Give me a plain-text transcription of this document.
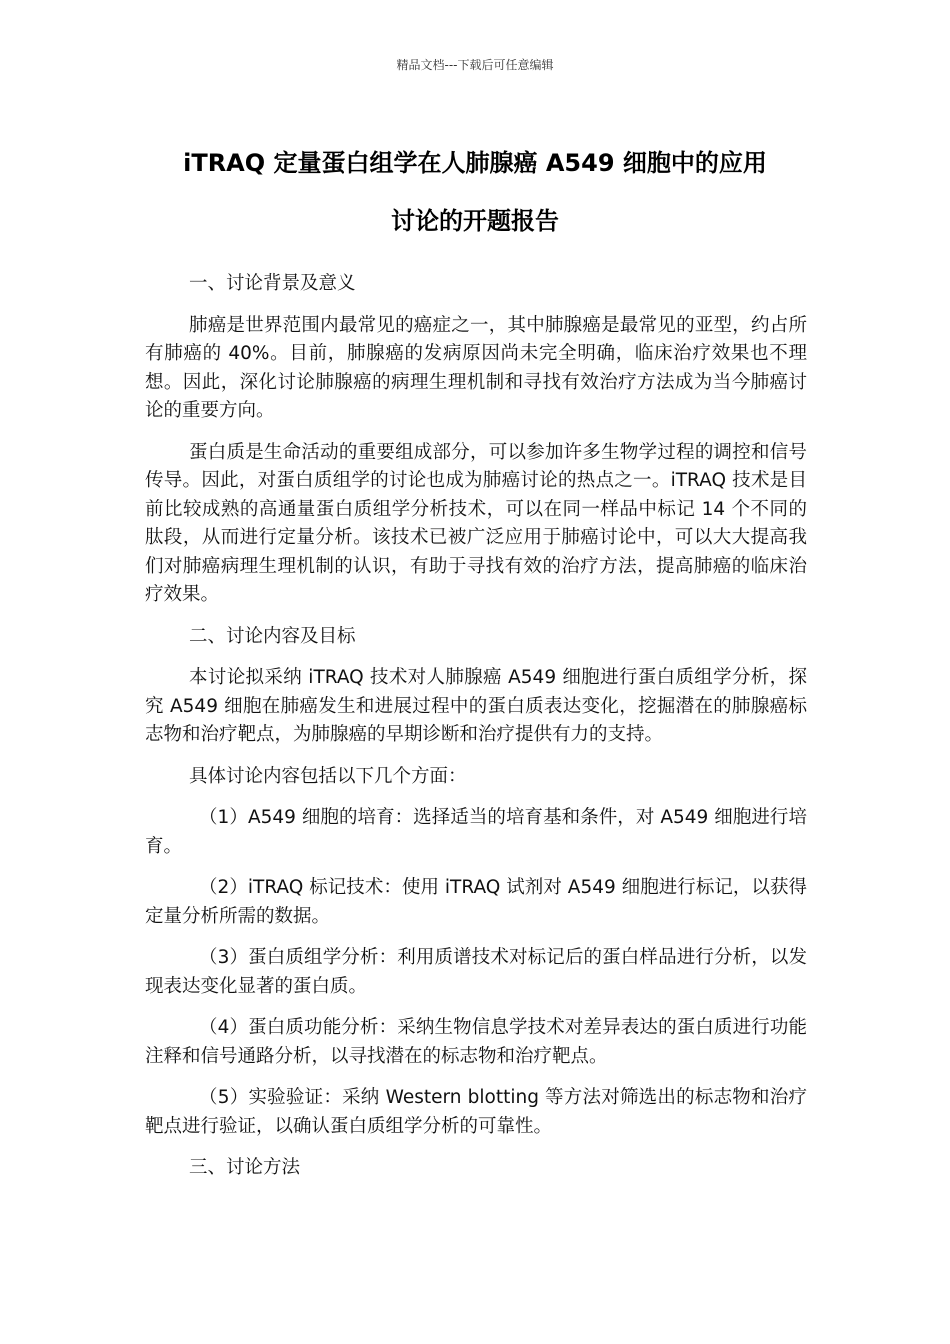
精品文档---下载后可任意编辑
iTRAQ 定量蛋白组学在人肺腺癌 A549 细胞中的应用
讨论的开题报告

一、讨论背景及意义

肺癌是世界范围内最常见的癌症之一，其中肺腺癌是最常见的亚型，约占所有肺癌的 40%。目前，肺腺癌的发病原因尚未完全明确，临床治疗效果也不理想。因此，深化讨论肺腺癌的病理生理机制和寻找有效治疗方法成为当今肺癌讨论的重要方向。

蛋白质是生命活动的重要组成部分，可以参加许多生物学过程的调控和信号传导。因此，对蛋白质组学的讨论也成为肺癌讨论的热点之一。iTRAQ 技术是目前比较成熟的高通量蛋白质组学分析技术，可以在同一样品中标记 14 个不同的肽段，从而进行定量分析。该技术已被广泛应用于肺癌讨论中，可以大大提高我们对肺癌病理生理机制的认识，有助于寻找有效的治疗方法，提高肺癌的临床治疗效果。

二、讨论内容及目标

本讨论拟采纳 iTRAQ 技术对人肺腺癌 A549 细胞进行蛋白质组学分析，探究 A549 细胞在肺癌发生和进展过程中的蛋白质表达变化，挖掘潜在的肺腺癌标志物和治疗靶点，为肺腺癌的早期诊断和治疗提供有力的支持。

具体讨论内容包括以下几个方面：

（1）A549 细胞的培育：选择适当的培育基和条件，对 A549 细胞进行培育。

（2）iTRAQ 标记技术：使用 iTRAQ 试剂对 A549 细胞进行标记，以获得定量分析所需的数据。

（3）蛋白质组学分析：利用质谱技术对标记后的蛋白样品进行分析，以发现表达变化显著的蛋白质。

（4）蛋白质功能分析：采纳生物信息学技术对差异表达的蛋白质进行功能注释和信号通路分析，以寻找潜在的标志物和治疗靶点。

（5）实验验证：采纳 Western blotting 等方法对筛选出的标志物和治疗靶点进行验证，以确认蛋白质组学分析的可靠性。

三、讨论方法
